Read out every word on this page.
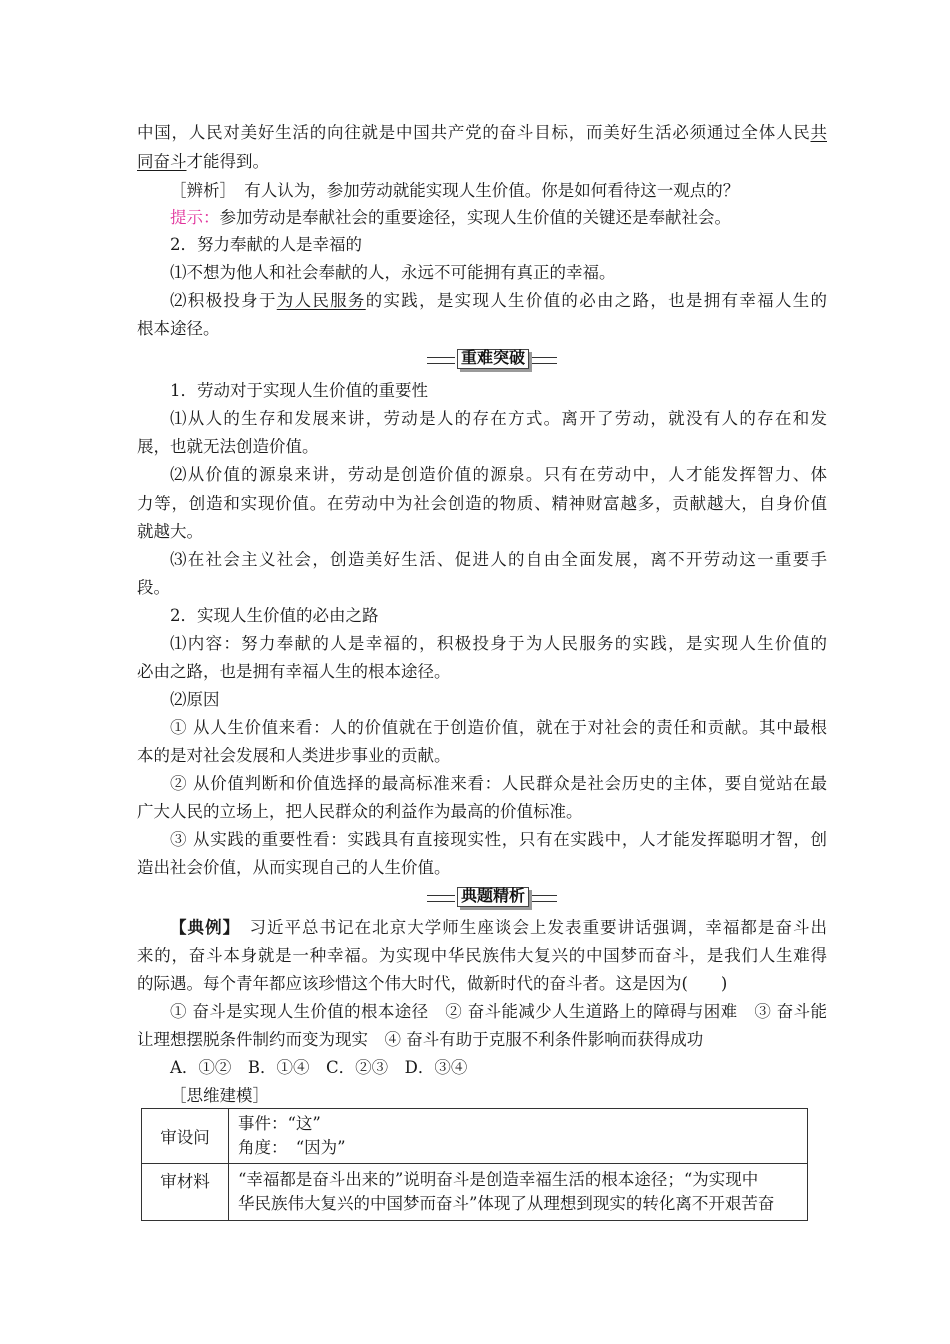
中国，人民对美好生活的向往就是中国共产党的奋斗目标，而美好生活必须通过全体人民共
同奋斗才能得到。
［辨析］　 有人认为，参加劳动就能实现人生价值。你是如何看待这一观点的？
提示：参加劳动是奉献社会的重要途径，实现人生价值的关键还是奉献社会。
2．努力奉献的人是幸福的
⑴不想为他人和社会奉献的人，永远不可能拥有真正的幸福。
⑵积极投身于为人民服务的实践，是实现人生价值的必由之路，也是拥有幸福人生的
根本途径。
重难突破
1．劳动对于实现人生价值的重要性
⑴从人的生存和发展来讲，劳动是人的存在方式。离开了劳动，就没有人的存在和发
展，也就无法创造价值。
⑵从价值的源泉来讲，劳动是创造价值的源泉。只有在劳动中，人才能发挥智力、体
力等，创造和实现价值。在劳动中为社会创造的物质、精神财富越多，贡献越大，自身价值
就越大。
⑶在社会主义社会，创造美好生活、促进人的自由全面发展，离不开劳动这一重要手
段。
2．实现人生价值的必由之路
⑴内容：努力奉献的人是幸福的，积极投身于为人民服务的实践，是实现人生价值的
必由之路，也是拥有幸福人生的根本途径。
⑵原因
① 从人生价值来看：人的价值就在于创造价值，就在于对社会的责任和贡献。其中最根
本的是对社会发展和人类进步事业的贡献。
② 从价值判断和价值选择的最高标准来看：人民群众是社会历史的主体，要自觉站在最
广大人民的立场上，把人民群众的利益作为最高的价值标准。
③ 从实践的重要性看：实践具有直接现实性，只有在实践中，人才能发挥聪明才智，创
造出社会价值，从而实现自己的人生价值。
典题精析
【典例】　 习近平总书记在北京大学师生座谈会上发表重要讲话强调，幸福都是奋斗出
来的，奋斗本身就是一种幸福。为实现中华民族伟大复兴的中国梦而奋斗，是我们人生难得
的际遇。每个青年都应该珍惜这个伟大时代，做新时代的奋斗者。这是因为(　　)
① 奋斗是实现人生价值的根本途径　② 奋斗能减少人生道路上的障碍与困难　③ 奋斗能
让理想摆脱条件制约而变为现实　④ 奋斗有助于克服不利条件影响而获得成功
A．①②　B．①④　C．②③　D．③④
［思维建模］
审设问	事件：“这”
角度：　“因为”

审材料	“幸福都是奋斗出来的”说明奋斗是创造幸福生活的根本途径；“为实现中
华民族伟大复兴的中国梦而奋斗”体现了从理想到现实的转化离不开艰苦奋
